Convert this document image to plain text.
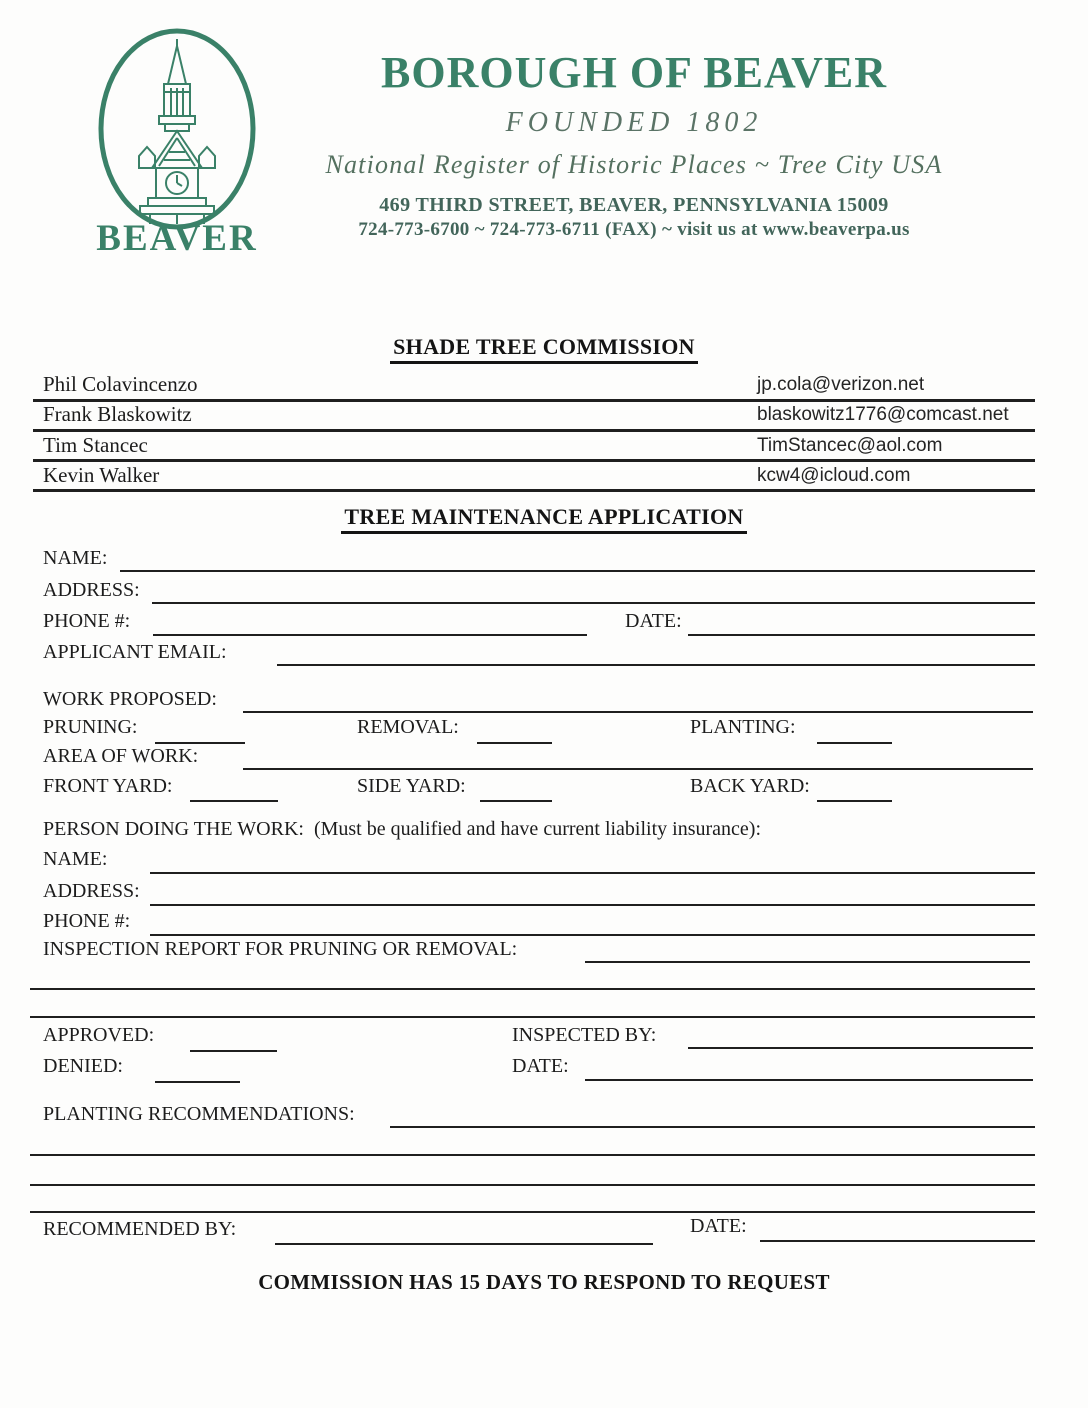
BEAVER
BOROUGH OF BEAVER
FOUNDED 1802
National Register of Historic Places ~ Tree City USA
469 THIRD STREET, BEAVER, PENNSYLVANIA 15009
724-773-6700 ~ 724-773-6711 (FAX) ~ visit us at www.beaverpa.us
SHADE TREE COMMISSION
Phil Colavincenzo	jp.cola@verizon.net
Frank Blaskowitz	blaskowitz1776@comcast.net
Tim Stancec	TimStancec@aol.com
Kevin Walker	kcw4@icloud.com
TREE MAINTENANCE APPLICATION
NAME:
ADDRESS:
PHONE #:	DATE:
APPLICANT EMAIL:
WORK PROPOSED:
PRUNING:	REMOVAL:	PLANTING:
AREA OF WORK:
FRONT YARD:	SIDE YARD:	BACK YARD:
PERSON DOING THE WORK: (Must be qualified and have current liability insurance):
NAME:
ADDRESS:
PHONE #:
INSPECTION REPORT FOR PRUNING OR REMOVAL:
APPROVED:	INSPECTED BY:
DENIED:	DATE:
PLANTING RECOMMENDATIONS:
RECOMMENDED BY:	DATE:
COMMISSION HAS 15 DAYS TO RESPOND TO REQUEST
